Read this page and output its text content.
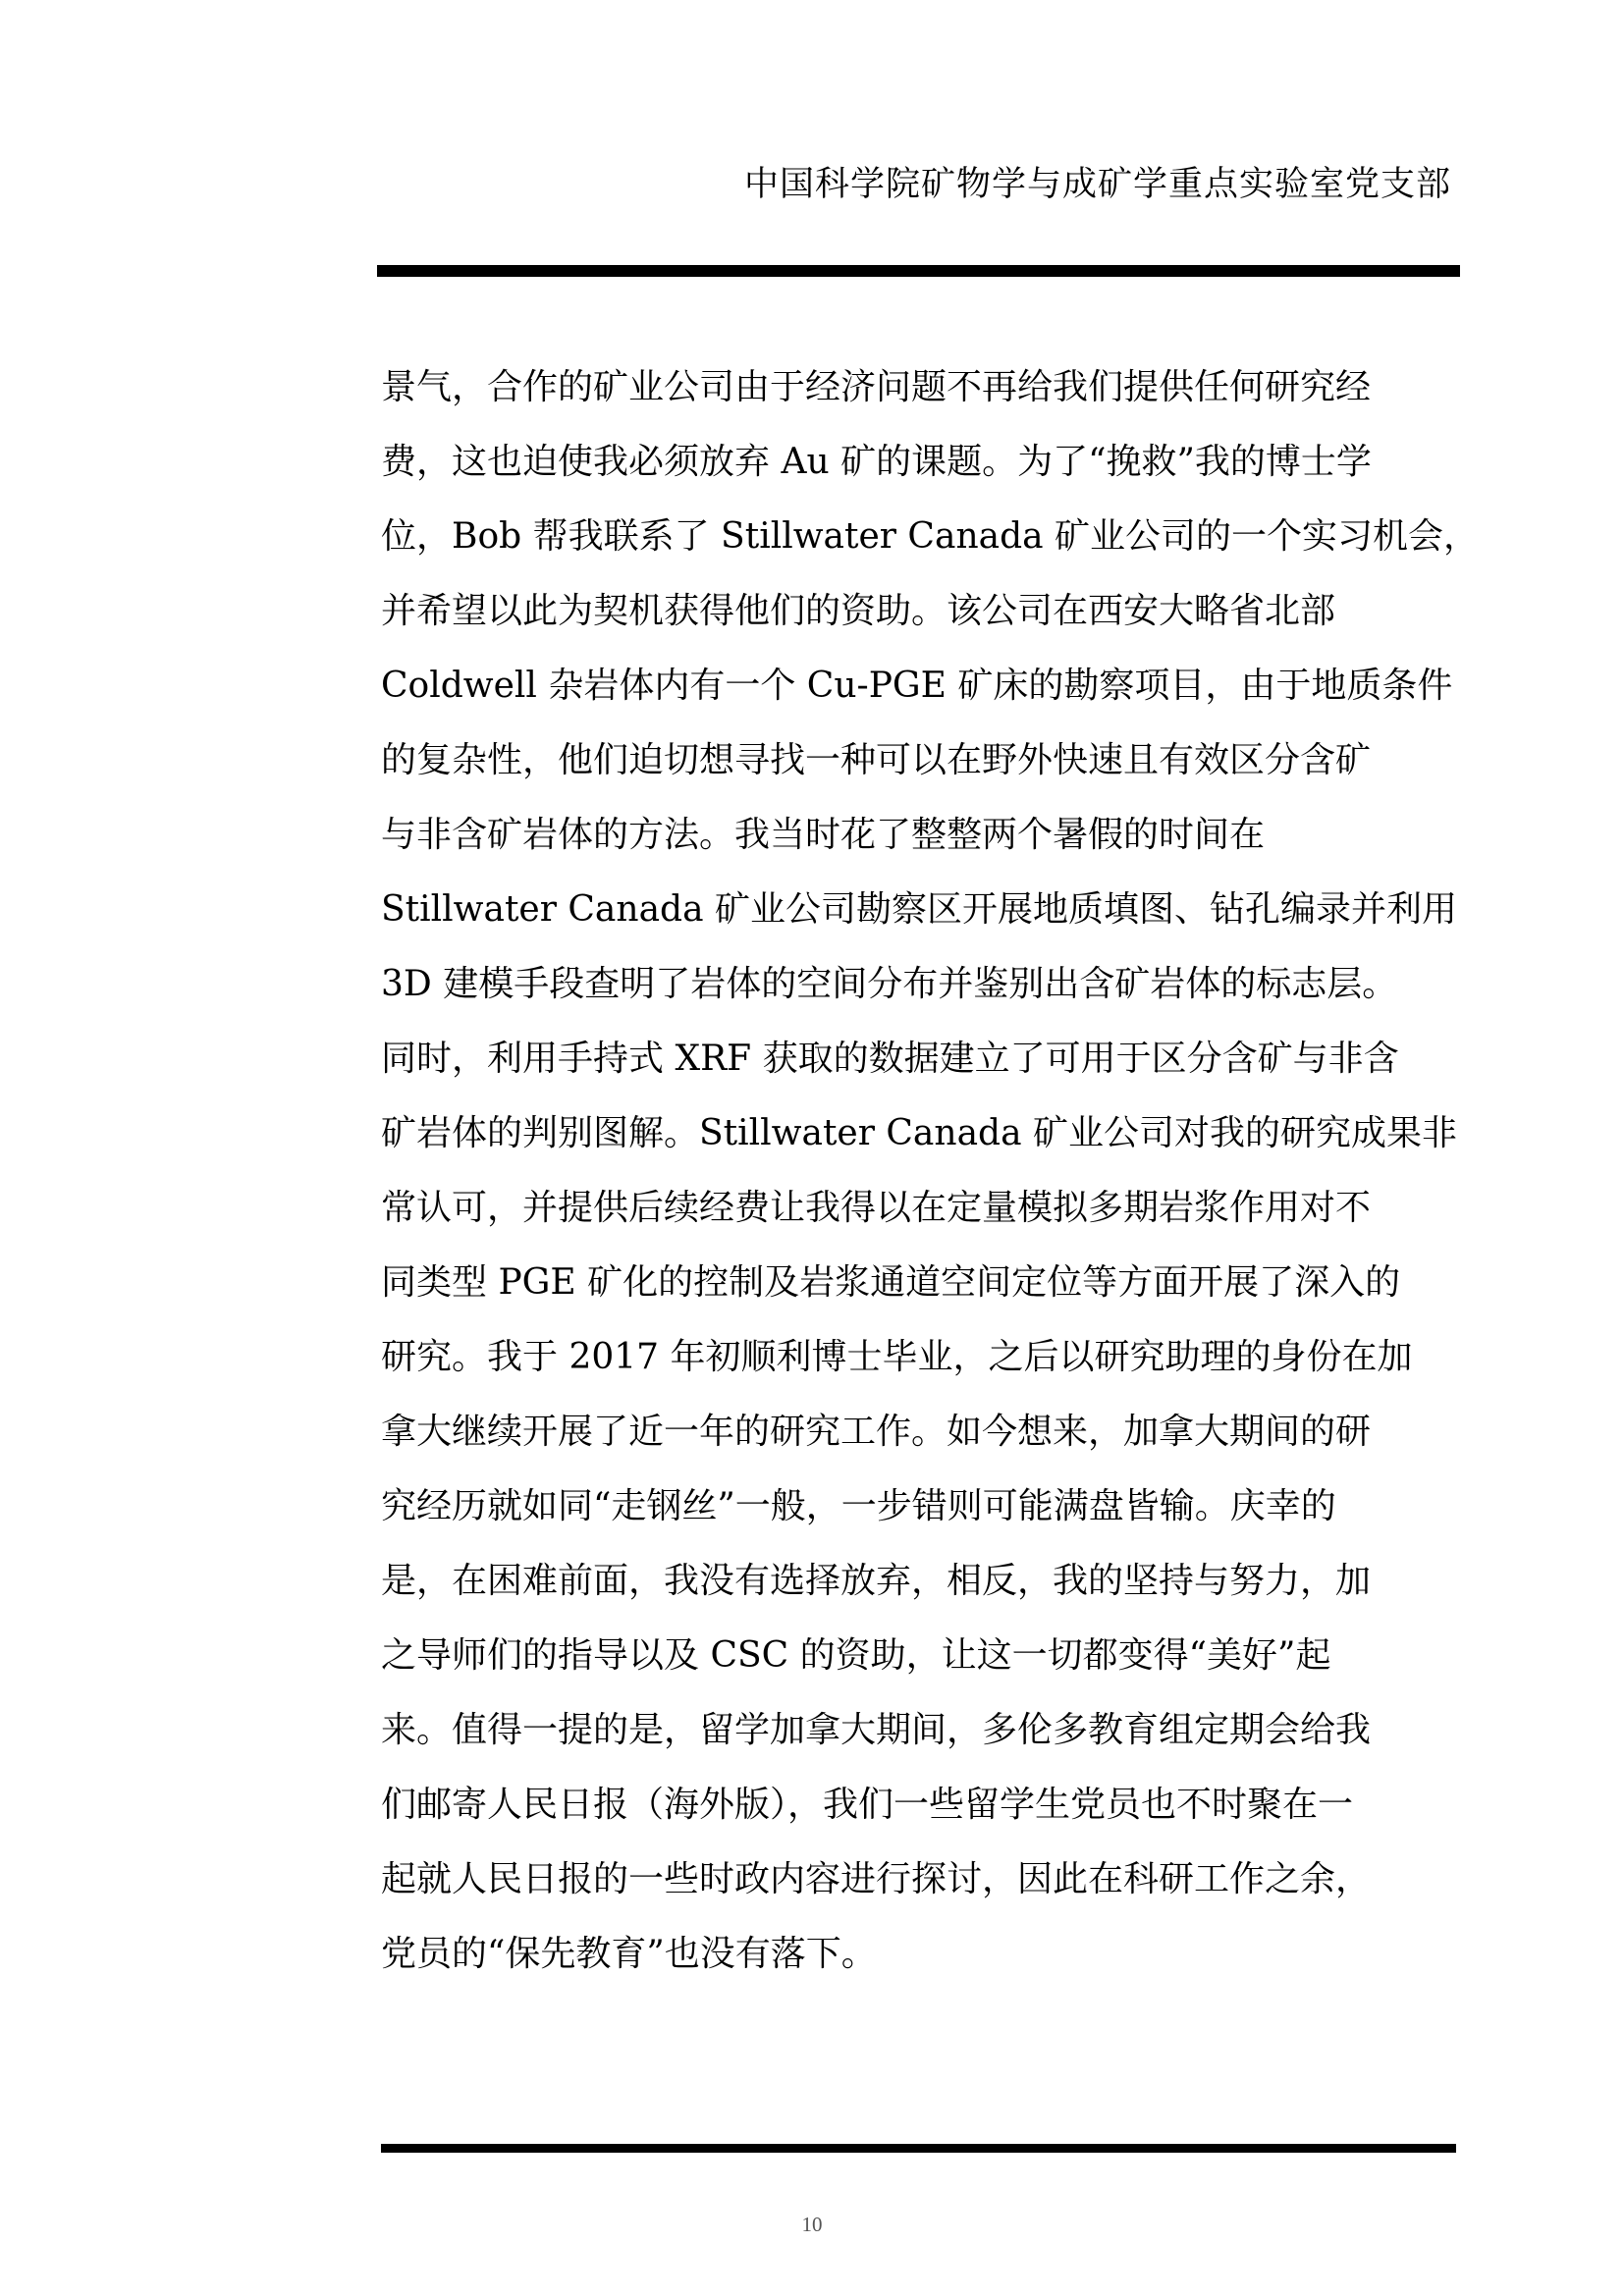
中国科学院矿物学与成矿学重点实验室党支部
景气，合作的矿业公司由于经济问题不再给我们提供任何研究经
费，这也迫使我必须放弃 Au 矿的课题。为了“挽救”我的博士学
位，Bob 帮我联系了 Stillwater Canada 矿业公司的一个实习机会，
并希望以此为契机获得他们的资助。该公司在西安大略省北部
Coldwell 杂岩体内有一个 Cu-PGE 矿床的勘察项目，由于地质条件
的复杂性，他们迫切想寻找一种可以在野外快速且有效区分含矿
与非含矿岩体的方法。我当时花了整整两个暑假的时间在
Stillwater Canada 矿业公司勘察区开展地质填图、钻孔编录并利用
3D 建模手段查明了岩体的空间分布并鉴别出含矿岩体的标志层。
同时，利用手持式 XRF 获取的数据建立了可用于区分含矿与非含
矿岩体的判别图解。Stillwater Canada 矿业公司对我的研究成果非
常认可，并提供后续经费让我得以在定量模拟多期岩浆作用对不
同类型 PGE 矿化的控制及岩浆通道空间定位等方面开展了深入的
研究。我于 2017 年初顺利博士毕业，之后以研究助理的身份在加
拿大继续开展了近一年的研究工作。如今想来，加拿大期间的研
究经历就如同“走钢丝”一般，一步错则可能满盘皆输。庆幸的
是，在困难前面，我没有选择放弃，相反，我的坚持与努力，加
之导师们的指导以及 CSC 的资助，让这一切都变得“美好”起
来。值得一提的是，留学加拿大期间，多伦多教育组定期会给我
们邮寄人民日报（海外版），我们一些留学生党员也不时聚在一
起就人民日报的一些时政内容进行探讨，因此在科研工作之余，
党员的“保先教育”也没有落下。
10
